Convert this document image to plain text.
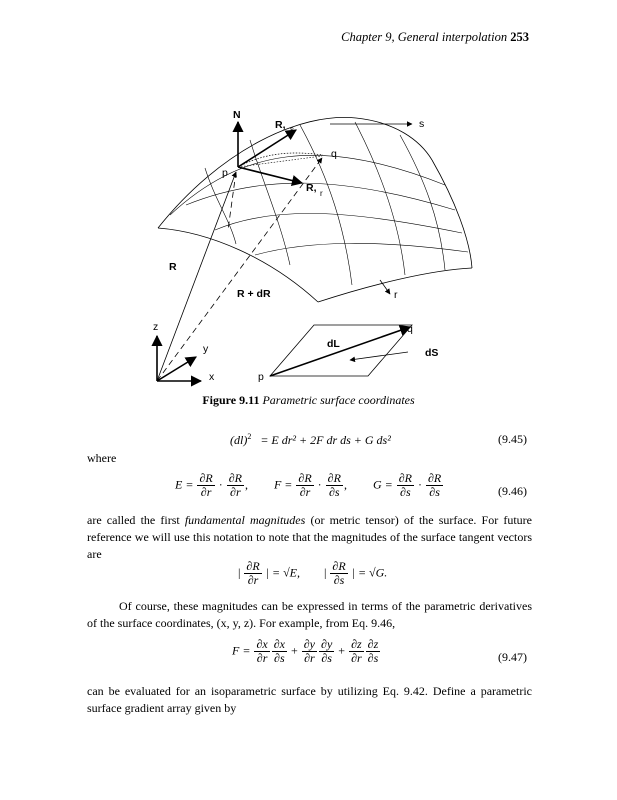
Chapter 9, General interpolation 253
N
R, s	s
q
p
R, r
R
R + dR	r
z
y
x
q
p
dL
dS
Figure 9.11 Parametric surface coordinates
(dl)$^2$ = E dr² + 2F dr ds + G ds²	(9.45)
where
$E = \frac{\partial R}{\partial r} \cdot \frac{\partial R}{\partial r}$ , $F = \frac{\partial R}{\partial r} \cdot \frac{\partial R}{\partial s}$ , $G = \frac{\partial R}{\partial s} \cdot \frac{\partial R}{\partial s}$	(9.46)
are called the first fundamental magnitudes (or metric tensor) of the surface. For future reference we will use this notation to note that the magnitudes of the surface tangent vectors are
| $\frac{\partial R}{\partial r}$ | = √E, | $\frac{\partial R}{\partial s}$ | = √G.
Of course, these magnitudes can be expressed in terms of the parametric derivatives of the surface coordinates, (x, y, z). For example, from Eq. 9.46,
$F = \frac{\partial x}{\partial r} \frac{\partial x}{\partial s} + \frac{\partial y}{\partial r} \frac{\partial y}{\partial s} + \frac{\partial z}{\partial r} \frac{\partial z}{\partial s}$	(9.47)
can be evaluated for an isoparametric surface by utilizing Eq. 9.42. Define a parametric surface gradient array given by
